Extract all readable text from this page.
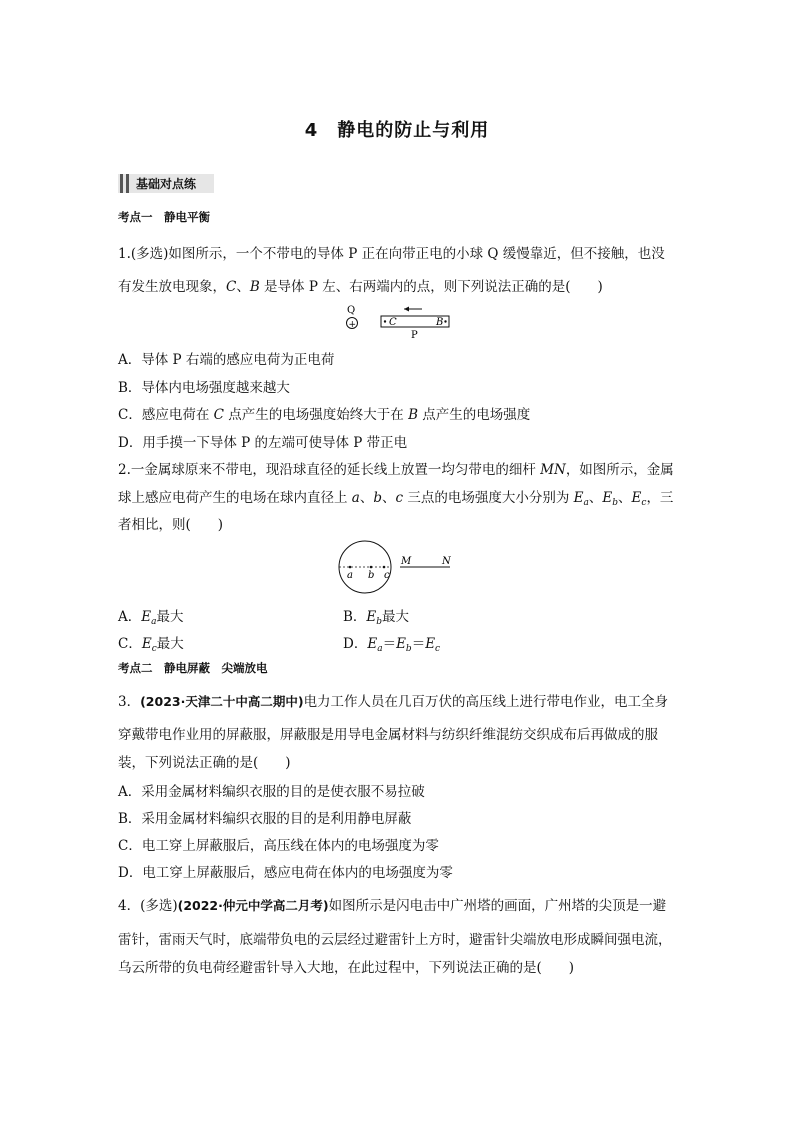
4　静电的防止与利用
基础对点练
考点一　静电平衡
1.(多选)如图所示，一个不带电的导体 P 正在向带正电的小球 Q 缓慢靠近，但不接触，也没
有发生放电现象，C、B 是导体 P 左、右两端内的点，则下列说法正确的是(　　)
Q
+	C	B
P
A．导体 P 右端的感应电荷为正电荷
B．导体内电场强度越来越大
C．感应电荷在 C 点产生的电场强度始终大于在 B 点产生的电场强度
D．用手摸一下导体 P 的左端可使导体 P 带正电
2.一金属球原来不带电，现沿球直径的延长线上放置一均匀带电的细杆 MN，如图所示，金属
球上感应电荷产生的电场在球内直径上 a、b、c 三点的电场强度大小分别为 $E_a$、$E_b$、$E_c$，三
者相比，则(　　)
a b c
M	N
A．$E_a$最大	B．$E_b$最大
C．$E_c$最大	D．$E_a=E_b=E_c$
考点二　静电屏蔽　尖端放电
3．(2023·天津二十中高二期中)电力工作人员在几百万伏的高压线上进行带电作业，电工全身
穿戴带电作业用的屏蔽服，屏蔽服是用导电金属材料与纺织纤维混纺交织成布后再做成的服
装，下列说法正确的是(　　)
A．采用金属材料编织衣服的目的是使衣服不易拉破
B．采用金属材料编织衣服的目的是利用静电屏蔽
C．电工穿上屏蔽服后，高压线在体内的电场强度为零
D．电工穿上屏蔽服后，感应电荷在体内的电场强度为零
4．(多选)(2022·仲元中学高二月考)如图所示是闪电击中广州塔的画面，广州塔的尖顶是一避
雷针，雷雨天气时，底端带负电的云层经过避雷针上方时，避雷针尖端放电形成瞬间强电流，
乌云所带的负电荷经避雷针导入大地，在此过程中，下列说法正确的是(　　)
